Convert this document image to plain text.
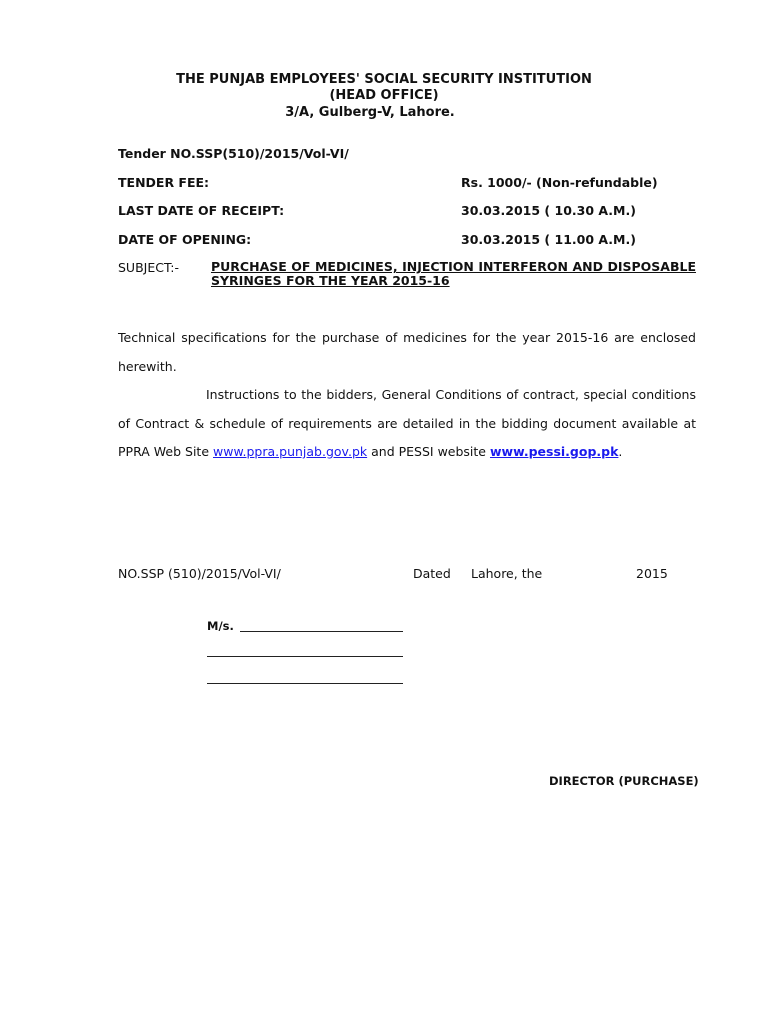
THE PUNJAB EMPLOYEES' SOCIAL SECURITY INSTITUTION
(HEAD OFFICE)
3/A, Gulberg-V, Lahore.
Tender NO.SSP(510)/2015/Vol-VI/
TENDER FEE:	Rs. 1000/- (Non-refundable)
LAST DATE OF RECEIPT:	30.03.2015 ( 10.30 A.M.)
DATE OF OPENING:	30.03.2015 ( 11.00 A.M.)
SUBJECT:-	PURCHASE OF MEDICINES, INJECTION INTERFERON AND DISPOSABLE SYRINGES FOR THE YEAR 2015-16
Technical specifications for the purchase of medicines for the year 2015-16 are enclosed herewith.
Instructions to the bidders, General Conditions of contract, special conditions of Contract & schedule of requirements are detailed in the bidding document available at PPRA Web Site www.ppra.punjab.gov.pk and PESSI website www.pessi.gop.pk.
NO.SSP (510)/2015/Vol-VI/	Dated Lahore, the	2015
M/s.
DIRECTOR (PURCHASE)
